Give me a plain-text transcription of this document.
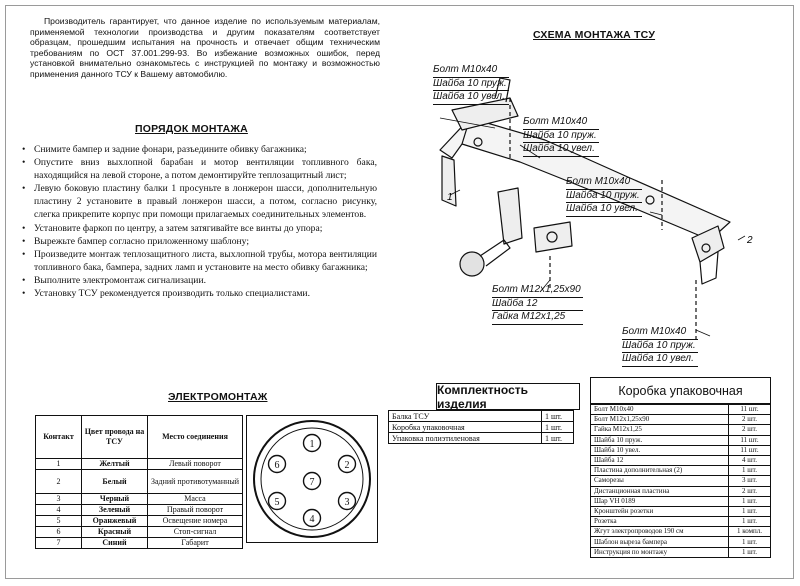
Производитель гарантирует, что данное изделие по используемым материалам, применяемой технологии производства и другим показателям соответствует образцам, прошедшим испытания на прочность и отвечает общим техническим требованиям по ОСТ 37.001.299-93. Во избежание возможных ошибок, перед установкой внимательно ознакомьтесь с инструкцией по монтажу и возможностью применения данного ТСУ к Вашему автомобилю.

ПОРЯДОК МОНТАЖА
• Снимите бампер и задние фонари, разъедините обивку багажника;
• Опустите вниз выхлопной барабан и мотор вентиляции топливного бака, находящийся на левой стороне, а потом демонтируйте теплозащитный лист;
• Левую боковую пластину балки 1 просуньте в лонжерон шасси, дополнительную пластину 2 установите в правый лонжерон шасси, а потом, согласно рисунку, слегка прикрепите корпус при помощи прилагаемых соединительных элементов.
• Установите фаркоп по центру, а затем затягивайте все винты до упора;
• Вырежьте бампер согласно приложенному шаблону;
• Произведите монтаж теплозащитного листа, выхлопной трубы, мотора вентиляции топливного бака, бампера, задних ламп и установите на место обивку багажника;
• Выполните электромонтаж сигнализации.
• Установку ТСУ рекомендуется производить только специалистами.
ЭЛЕКТРОМОНТАЖ
Контакт	Цвет провода на ТСУ	Место соединения
1	Желтый	Левый поворот
2	Белый	Задний противотуманный
3	Черный	Масса
4	Зеленый	Правый поворот
5	Оранжевый	Освещение номера
6	Красный	Стоп-сигнал
7	Синий	Габарит
1
2
3
4
5
6
7
СХЕМА МОНТАЖА ТСУ
1
2
Болт М10х40
Шайба 10 пруж.
Шайба 10 увел.
Болт М10х40
Шайба 10 пруж.
Шайба 10 увел.
Болт М10х40
Шайба 10 пруж.
Шайба 10 увел.
Болт М12х1,25х90
Шайба 12
Гайка М12х1,25
Болт М10х40
Шайба 10 пруж.
Шайба 10 увел.
Комплектность изделия
Балка ТСУ	1 шт.
Коробка упаковочная	1 шт.
Упаковка полиэтиленовая	1 шт.
Коробка упаковочная
Болт М10х40	11 шт.
Болт М12х1,25х90	2 шт.
Гайка М12х1,25	2 шт.
Шайба 10 пруж.	11 шт.
Шайба 10 увел.	11 шт.
Шайба 12	4 шт.
Пластина дополнительная (2)	1 шт.
Саморезы	3 шт.
Дистанционная пластина	2 шт.
Шар VH 0189	1 шт.
Кронштейн розетки	1 шт.
Розетка	1 шт.
Жгут электропроводов 190 см	1 компл.
Шаблон выреза бампера	1 шт.
Инструкция по монтажу	1 шт.
